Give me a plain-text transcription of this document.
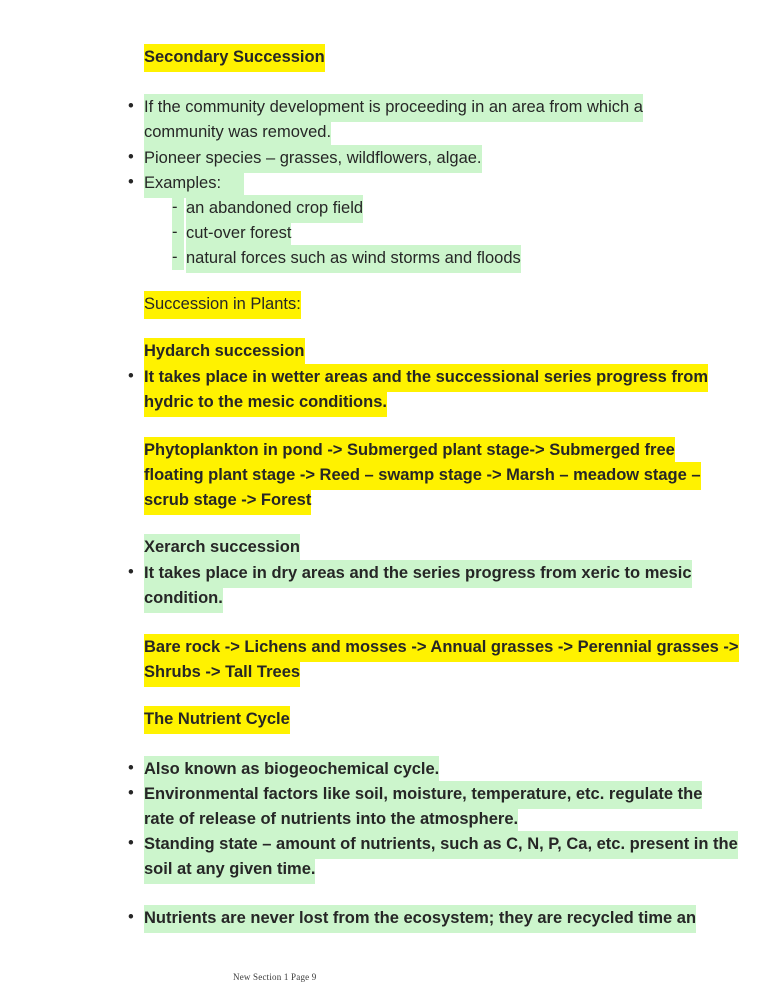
Secondary Succession
• If the community development is proceeding in an area from which a
community was removed.
• Pioneer species – grasses, wildflowers, algae.
• Examples:
- an abandoned crop field
- cut-over forest
- natural forces such as wind storms and floods
Succession in Plants:
Hydarch succession
• It takes place in wetter areas and the successional series progress from
hydric to the mesic conditions.
Phytoplankton in pond -> Submerged plant stage-> Submerged free
floating plant stage -> Reed – swamp stage -> Marsh – meadow stage –
scrub stage -> Forest
Xerarch succession
• It takes place in dry areas and the series progress from xeric to mesic
condition.
Bare rock -> Lichens and mosses -> Annual grasses -> Perennial grasses ->
Shrubs -> Tall Trees
The Nutrient Cycle
• Also known as biogeochemical cycle.
• Environmental factors like soil, moisture, temperature, etc. regulate the
rate of release of nutrients into the atmosphere.
• Standing state – amount of nutrients, such as C, N, P, Ca, etc. present in the
soil at any given time.
• Nutrients are never lost from the ecosystem; they are recycled time an
New Section 1 Page 9
